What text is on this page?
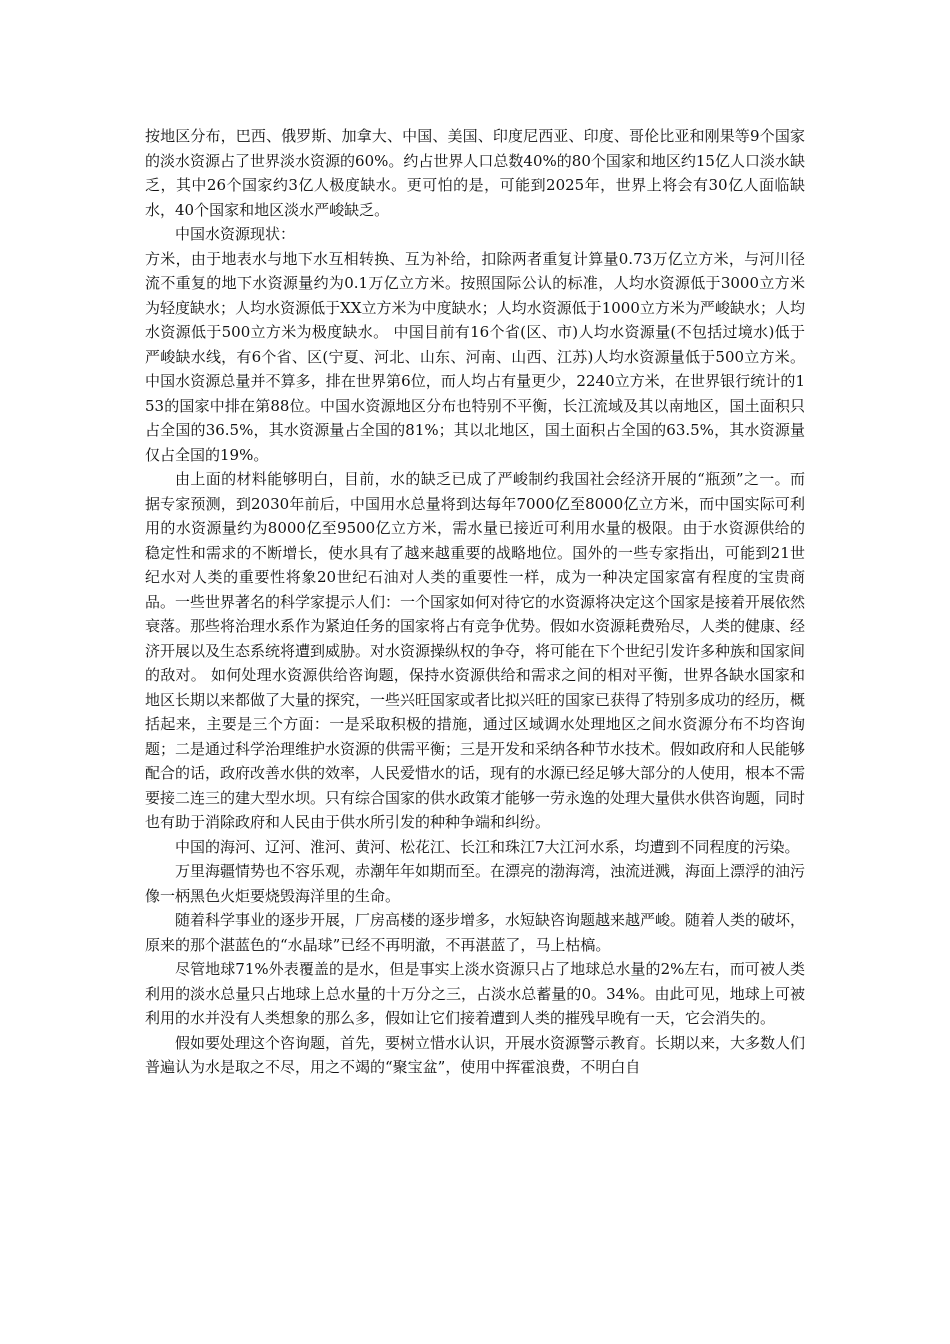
按地区分布，巴西、俄罗斯、加拿大、中国、美国、印度尼西亚、印度、哥伦比亚和刚果等9个国家的淡水资源占了世界淡水资源的60%。约占世界人口总数40%的80个国家和地区约15亿人口淡水缺乏，其中26个国家约3亿人极度缺水。更可怕的是，可能到2025年，世界上将会有30亿人面临缺水，40个国家和地区淡水严峻缺乏。

中国水资源现状：

方米，由于地表水与地下水互相转换、互为补给，扣除两者重复计算量0.73万亿立方米，与河川径流不重复的地下水资源量约为0.1万亿立方米。按照国际公认的标准，人均水资源低于3000立方米为轻度缺水；人均水资源低于XX立方米为中度缺水；人均水资源低于1000立方米为严峻缺水；人均水资源低于500立方米为极度缺水。 中国目前有16个省(区、市)人均水资源量(不包括过境水)低于严峻缺水线，有6个省、区(宁夏、河北、山东、河南、山西、江苏)人均水资源量低于500立方米。中国水资源总量并不算多，排在世界第6位，而人均占有量更少，2240立方米，在世界银行统计的153的国家中排在第88位。中国水资源地区分布也特别不平衡，长江流域及其以南地区，国土面积只占全国的36.5%，其水资源量占全国的81%；其以北地区，国土面积占全国的63.5%，其水资源量仅占全国的19%。

由上面的材料能够明白，目前，水的缺乏已成了严峻制约我国社会经济开展的“瓶颈”之一。而据专家预测，到2030年前后，中国用水总量将到达每年7000亿至8000亿立方米，而中国实际可利用的水资源量约为8000亿至9500亿立方米，需水量已接近可利用水量的极限。由于水资源供给的稳定性和需求的不断增长，使水具有了越来越重要的战略地位。国外的一些专家指出，可能到21世纪水对人类的重要性将象20世纪石油对人类的重要性一样，成为一种决定国家富有程度的宝贵商品。一些世界著名的科学家提示人们：一个国家如何对待它的水资源将决定这个国家是接着开展依然衰落。那些将治理水系作为紧迫任务的国家将占有竞争优势。假如水资源耗费殆尽，人类的健康、经济开展以及生态系统将遭到威胁。对水资源操纵权的争夺，将可能在下个世纪引发许多种族和国家间的敌对。 如何处理水资源供给咨询题，保持水资源供给和需求之间的相对平衡，世界各缺水国家和地区长期以来都做了大量的探究，一些兴旺国家或者比拟兴旺的国家已获得了特别多成功的经历，概括起来，主要是三个方面：一是采取积极的措施，通过区域调水处理地区之间水资源分布不均咨询题；二是通过科学治理维护水资源的供需平衡；三是开发和采纳各种节水技术。假如政府和人民能够配合的话，政府改善水供的效率，人民爱惜水的话，现有的水源已经足够大部分的人使用，根本不需要接二连三的建大型水坝。只有综合国家的供水政策才能够一劳永逸的处理大量供水供咨询题，同时也有助于消除政府和人民由于供水所引发的种种争端和纠纷。

中国的海河、辽河、淮河、黄河、松花江、长江和珠江7大江河水系，均遭到不同程度的污染。

万里海疆情势也不容乐观，赤潮年年如期而至。在漂亮的渤海湾，浊流迸溅，海面上漂浮的油污像一柄黑色火炬要烧毁海洋里的生命。

随着科学事业的逐步开展，厂房高楼的逐步增多，水短缺咨询题越来越严峻。随着人类的破坏，原来的那个湛蓝色的“水晶球”已经不再明澈，不再湛蓝了，马上枯槁。

尽管地球71%外表覆盖的是水，但是事实上淡水资源只占了地球总水量的2%左右，而可被人类利用的淡水总量只占地球上总水量的十万分之三，占淡水总蓄量的0。34%。由此可见，地球上可被利用的水并没有人类想象的那么多，假如让它们接着遭到人类的摧残早晚有一天，它会消失的。

假如要处理这个咨询题，首先，要树立惜水认识，开展水资源警示教育。长期以来，大多数人们普遍认为水是取之不尽，用之不竭的“聚宝盆”，使用中挥霍浪费，不明白自
